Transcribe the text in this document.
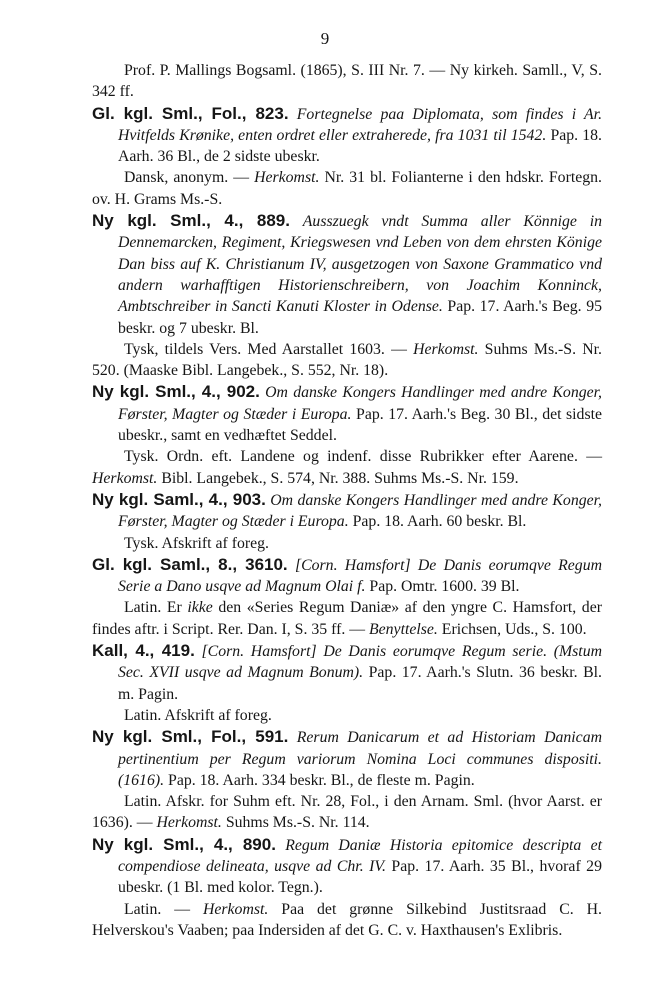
9

Prof. P. Mallings Bogsaml. (1865), S. III Nr. 7. — Ny kirkeh. Samll., V, S. 342 ff.

Gl. kgl. Sml., Fol., 823. Fortegnelse paa Diplomata, som findes i Ar. Hvitfelds Krønike, enten ordret eller extraherede, fra 1031 til 1542. Pap. 18. Aarh. 36 Bl., de 2 sidste ubeskr.

Dansk, anonym. — Herkomst. Nr. 31 bl. Folianterne i den hdskr. Fortegn. ov. H. Grams Ms.-S.

Ny kgl. Sml., 4., 889. Ausszuegk vndt Summa aller Könnige in Dennemarcken, Regiment, Kriegswesen vnd Leben von dem ehrsten Könige Dan biss auf K. Christianum IV, ausgetzogen von Saxone Grammatico vnd andern warhafftigen Historienschreibern, von Joachim Konninck, Ambtschreiber in Sancti Kanuti Kloster in Odense. Pap. 17. Aarh.'s Beg. 95 beskr. og 7 ubeskr. Bl.

Tysk, tildels Vers. Med Aarstallet 1603. — Herkomst. Suhms Ms.-S. Nr. 520. (Maaske Bibl. Langebek., S. 552, Nr. 18).

Ny kgl. Sml., 4., 902. Om danske Kongers Handlinger med andre Konger, Førster, Magter og Stæder i Europa. Pap. 17. Aarh.'s Beg. 30 Bl., det sidste ubeskr., samt en vedhæftet Seddel.

Tysk. Ordn. eft. Landene og indenf. disse Rubrikker efter Aarene. — Herkomst. Bibl. Langebek., S. 574, Nr. 388. Suhms Ms.-S. Nr. 159.

Ny kgl. Saml., 4., 903. Om danske Kongers Handlinger med andre Konger, Førster, Magter og Stæder i Europa. Pap. 18. Aarh. 60 beskr. Bl.

Tysk. Afskrift af foreg.

Gl. kgl. Saml., 8., 3610. [Corn. Hamsfort] De Danis eorumqve Regum Serie a Dano usqve ad Magnum Olai f. Pap. Omtr. 1600. 39 Bl.

Latin. Er ikke den «Series Regum Daniæ» af den yngre C. Hamsfort, der findes aftr. i Script. Rer. Dan. I, S. 35 ff. — Benyttelse. Erichsen, Uds., S. 100.

Kall, 4., 419. [Corn. Hamsfort] De Danis eorumqve Regum serie. (Mstum Sec. XVII usqve ad Magnum Bonum). Pap. 17. Aarh.'s Slutn. 36 beskr. Bl. m. Pagin.

Latin. Afskrift af foreg.

Ny kgl. Sml., Fol., 591. Rerum Danicarum et ad Historiam Danicam pertinentium per Regum variorum Nomina Loci communes dispositi. (1616). Pap. 18. Aarh. 334 beskr. Bl., de fleste m. Pagin.

Latin. Afskr. for Suhm eft. Nr. 28, Fol., i den Arnam. Sml. (hvor Aarst. er 1636). — Herkomst. Suhms Ms.-S. Nr. 114.

Ny kgl. Sml., 4., 890. Regum Daniæ Historia epitomice descripta et compendiose delineata, usqve ad Chr. IV. Pap. 17. Aarh. 35 Bl., hvoraf 29 ubeskr. (1 Bl. med kolor. Tegn.).

Latin. — Herkomst. Paa det grønne Silkebind Justitsraad C. H. Helverskou's Vaaben; paa Indersiden af det G. C. v. Haxthausen's Exlibris.
